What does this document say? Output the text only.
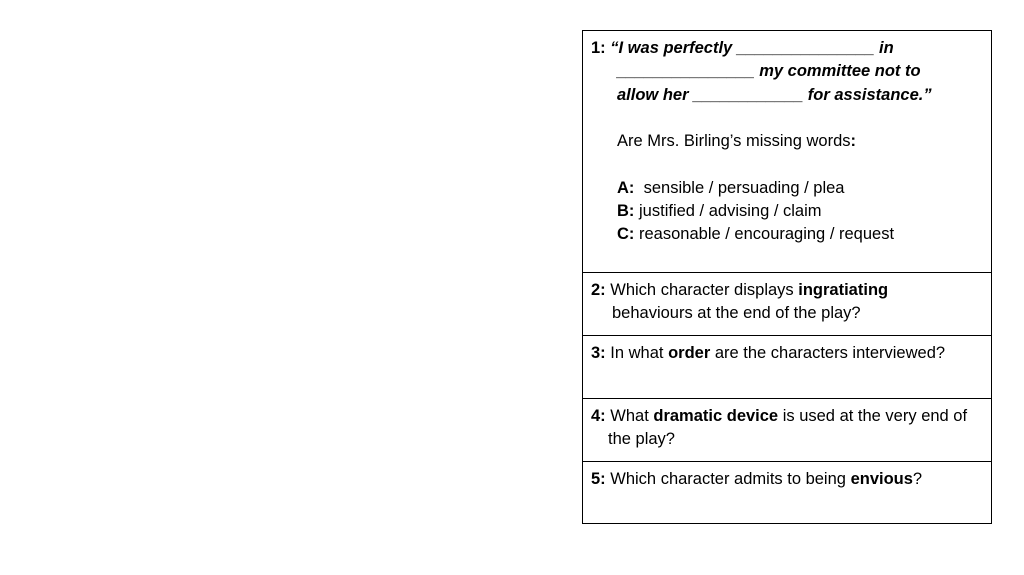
1: “I was perfectly _______________ in
_______________ my committee not to
allow her ____________ for assistance.”
Are Mrs. Birling’s missing words:
A: sensible / persuading / plea
B: justified / advising / claim
C: reasonable / encouraging / request
2: Which character displays ingratiating
behaviours at the end of the play?
3: In what order are the characters interviewed?
4: What dramatic device is used at the very end of
the play?
5: Which character admits to being envious?
